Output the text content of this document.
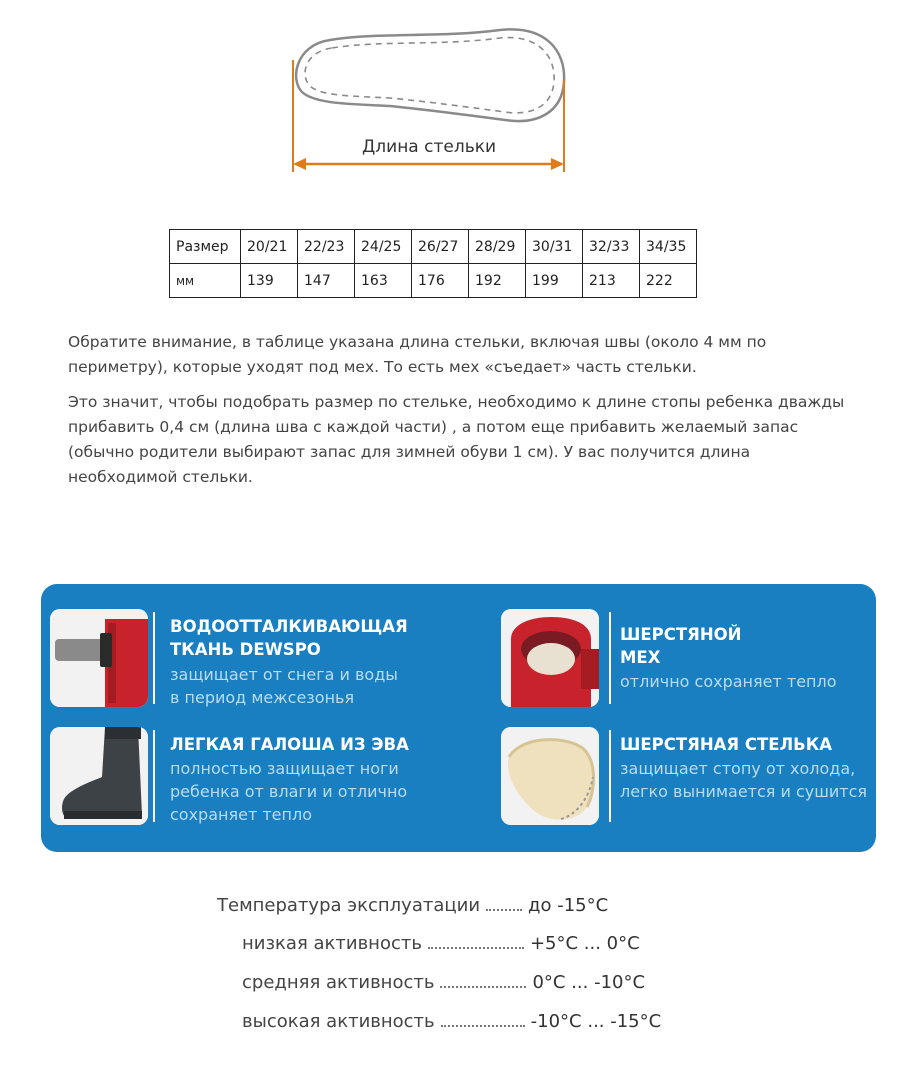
Длина стельки
Размер	20/21	22/23	24/25	26/27	28/29	30/31	32/33	34/35
мм	139	147	163	176	192	199	213	222

Обратите внимание, в таблице указана длина стельки, включая швы (около 4 мм по периметру), которые уходят под мех. То есть мех «съедает» часть стельки.

Это значит, чтобы подобрать размер по стельке, необходимо к длине стопы ребенка дважды прибавить 0,4 см (длина шва с каждой части) , а потом еще прибавить желаемый запас (обычно родители выбирают запас для зимней обуви 1 см). У вас получится длина необходимой стельки.

ВОДООТТАЛКИВАЮЩАЯ
ТКАНЬ DEWSPO
защищает от снега и воды
в период межсезонья
ШЕРСТЯНОЙ
МЕХ
отлично сохраняет тепло
ЛЕГКАЯ ГАЛОША ИЗ ЭВА
полностью защищает ноги
ребенка от влаги и отлично
сохраняет тепло
ШЕРСТЯНАЯ СТЕЛЬКА
защищает стопу от холода,
легко вынимается и сушится
Температура эксплуатации	до -15°C
низкая активность	+5°C ... 0°C
средняя активность	0°C ... -10°C
высокая активность	-10°C ... -15°C
